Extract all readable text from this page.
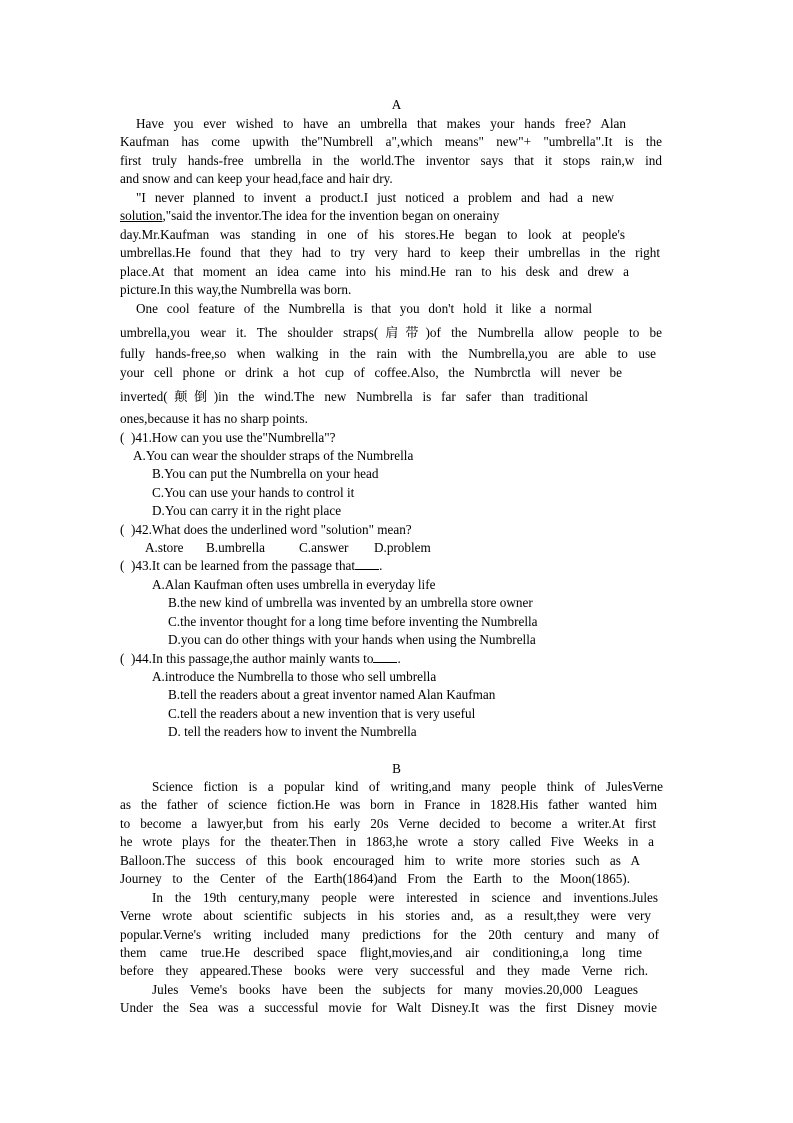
A
Have you ever wished to have an umbrella that makes your hands free? Alan
Kaufman has come upwith the"Numbrell a",which means" new"+ "umbrella".It is the
first truly hands-free umbrella in the world.The inventor says that it stops rain,w ind
and snow and can keep your head,face and hair dry.
"I never planned to invent a product.I just noticed a problem and had a new
solution,"said the inventor.The idea for the invention began on onerainy
day.Mr.Kaufman was standing in one of his stores.He began to look at people's
umbrellas.He found that they had to try very hard to keep their umbrellas in the right
place.At that moment an idea came into his mind.He ran to his desk and drew a
picture.In this way,the Numbrella was born.
One cool feature of the Numbrella is that you don't hold it like a normal
umbrella,you wear it. The shoulder straps(肩带)of the Numbrella allow people to be
fully hands-free,so when walking in the rain with the Numbrella,you are able to use
your cell phone or drink a hot cup of coffee.Also, the Numbrctla will never be
inverted(颠倒)in the wind.The new Numbrella is far safer than traditional
ones,because it has no sharp points.
(  )41.How can you use the"Numbrella"?
A.You can wear the shoulder straps of the Numbrella
B.You can put the Numbrella on your head
C.You can use your hands to control it
D.You can carry it in the right place
(  )42.What does the underlined word "solution" mean?
A.store B.umbrella	C.answer D.problem
(  )43.It can be learned from the passage that .
A.Alan Kaufman often uses umbrella in everyday life
B.the new kind of umbrella was invented by an umbrella store owner
C.the inventor thought for a long time before inventing the Numbrella
D.you can do other things with your hands when using the Numbrella
(  )44.In this passage,the author mainly wants to .
A.introduce the Numbrella to those who sell umbrella
B.tell the readers about a great inventor named Alan Kaufman
C.tell the readers about a new invention that is very useful
D. tell the readers how to invent the Numbrella
B
Science fiction is a popular kind of writing,and many people think of JulesVerne
as the father of science fiction.He was born in France in 1828.His father wanted him
to become a lawyer,but from his early 20s Verne decided to become a writer.At first
he wrote plays for the theater.Then in 1863,he wrote a story called Five Weeks in a
Balloon.The success of this book encouraged him to write more stories such as A
Journey to the Center of the Earth(1864)and From the Earth to the Moon(1865).
In the 19th century,many people were interested in science and inventions.Jules
Verne wrote about scientific subjects in his stories and, as a result,they were very
popular.Verne's writing included many predictions for the 20th century and many of
them came true.He described space flight,movies,and air conditioning,a long time
before they appeared.These books were very successful and they made Verne rich.
Jules Veme's books have been the subjects for many movies.20,000 Leagues
Under the Sea was a successful movie for Walt Disney.It was the first Disney movie
